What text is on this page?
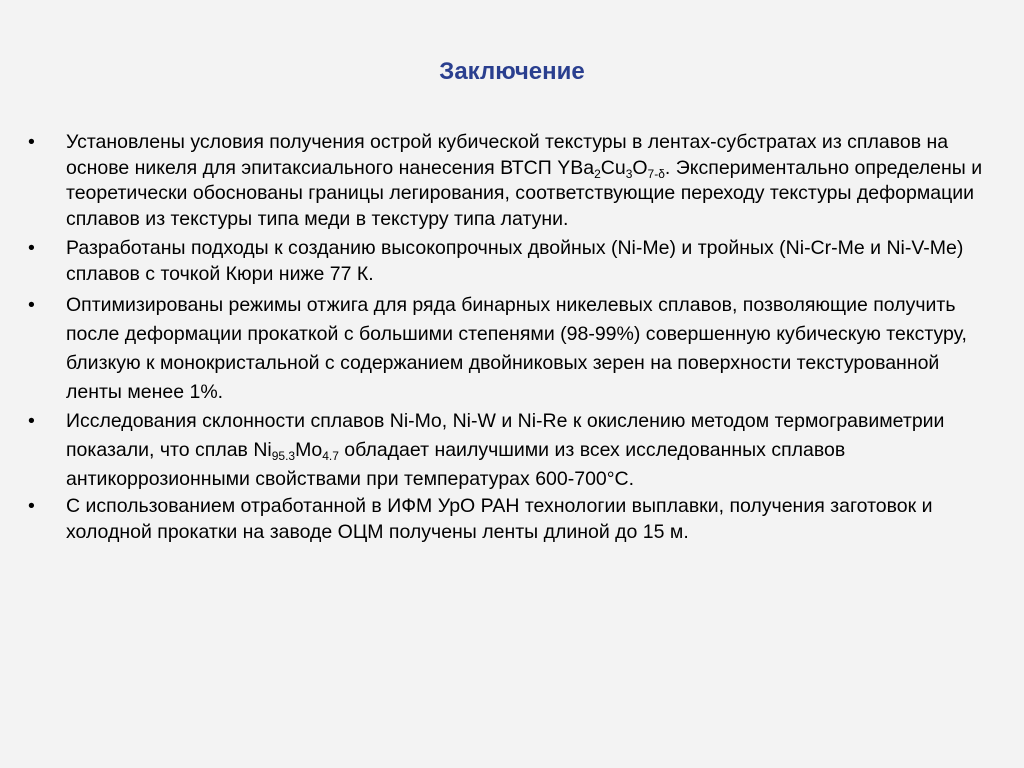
Заключение
• Установлены условия получения острой кубической текстуры в лентах-субстратах из сплавов на основе никеля для эпитаксиального нанесения ВТСП $YBa_2Cu_3O_{7-\delta}$. Экспериментально определены и теоретически обоснованы границы легирования, соответствующие переходу текстуры деформации сплавов из текстуры типа меди в текстуру типа латуни.
• Разработаны подходы к созданию высокопрочных двойных (Ni-Me) и тройных (Ni-Cr-Me и Ni-V-Me) сплавов с точкой Кюри ниже 77 К.
• Оптимизированы режимы отжига для ряда бинарных никелевых сплавов, позволяющие получить после деформации прокаткой с большими степенями (98-99%) совершенную кубическую текстуру, близкую к монокристальной с содержанием двойниковых зерен на поверхности текстурованной ленты менее 1%.
• Исследования склонности сплавов Ni-Mo, Ni-W и Ni-Re к окислению методом термогравиметрии показали, что сплав $Ni_{95.3}Mo_{4.7}$ обладает наилучшими из всех исследованных сплавов антикоррозионными свойствами при температурах 600-700°С.
• С использованием отработанной в ИФМ УрО РАН технологии выплавки, получения заготовок и холодной прокатки на заводе ОЦМ получены ленты длиной до 15 м.
